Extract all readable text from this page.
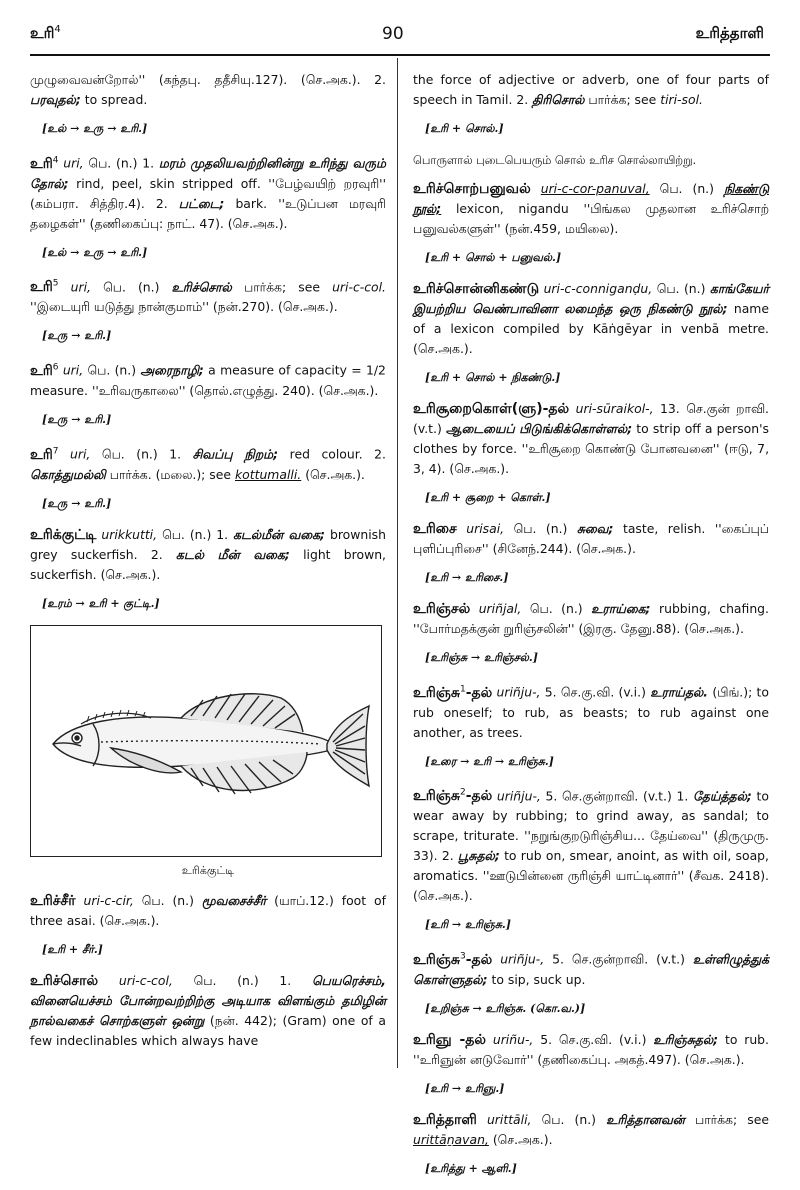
உரி$^4$	90	உரித்தாளி

முழுவைவன்றோல்'' (கந்தபு. ததீசியு.127). (செ.அக.). 2. பரவுதல்; to spread.

[உல் → உரு → உரி.]

உரி$^4$ uri, பெ. (n.) 1. மரம் முதலியவற்றினின்று உரிந்து வரும் தோல்; rind, peel, skin stripped off. ''பேழ்வயிற் றரவுரி'' (கம்பரா. சித்திர.4). 2. பட்டை; bark. ''உடுப்பன மரவுரி தழைகள்'' (தணிகைப்பு: நாட். 47). (செ.அக.).

[உல் → உரு → உரி.]

உரி$^5$ uri, பெ. (n.) உரிச்சொல் பார்க்க; see uri-c-col. ''இடையுரி யடுத்து நான்குமாம்'' (நன்.270). (செ.அக.).

[உரு → உரி.]

உரி$^6$ uri, பெ. (n.) அரைநாழி; a measure of capacity = 1/2 measure. ''உரிவருகாலை'' (தொல்.எழுத்து. 240). (செ.அக.).

[உரு → உரி.]

உரி$^7$ uri, பெ. (n.) 1. சிவப்பு நிறம்; red colour. 2. கொத்துமல்லி பார்க்க. (மலை.); see kottumalli. (செ.அக.).

[உரு → உரி.]

உரிக்குட்டி urikkutti, பெ. (n.) 1. கடல்மீன் வகை; brownish grey suckerfish. 2. கடல் மீன் வகை; light brown, suckerfish. (செ.அக.).

[உரம் → உரி + குட்டி.]
உரிக்குட்டி

உரிச்சீர் uri-c-cir, பெ. (n.) மூவசைச்சீர் (யாப்.12.) foot of three asai. (செ.அக.).

[உரி + சீர்.]

உரிச்சொல் uri-c-col, பெ. (n.) 1. பெயரெச்சம், வினையெச்சம் போன்றவற்றிற்கு அடியாக விளங்கும் தமிழின் நால்வகைச் சொற்களுள் ஒன்று (நன். 442); (Gram) one of a few indeclinables which always have

the force of adjective or adverb, one of four parts of speech in Tamil. 2. திரிசொல் பார்க்க; see tiri-sol.

[உரி + சொல்.]

பொருளால் புடைபெயரும் சொல் உரிச சொல்லாயிற்று.

உரிச்சொற்பனுவல் uri-c-cor-panuval, பெ. (n.) நிகண்டு நூல்; lexicon, nigandu ''பிங்கல முதலான உரிச்சொற் பனுவல்களுள்'' (நன்.459, மயிலை).

[உரி + சொல் + பனுவல்.]

உரிச்சொன்னிகண்டு uri-c-conniganḍu, பெ. (n.) காங்கேயர் இயற்றிய வெண்பாவினா லமைந்த ஒரு நிகண்டு நூல்; name of a lexicon compiled by Kāṅgēyar in venbā metre. (செ.அக.).

[உரி + சொல் + நிகண்டு.]

உரிசூறைகொள்(ளு)-தல் uri-sūraikol-, 13. செ.குன் றாவி. (v.t.) ஆடையைப் பிடுங்கிக்கொள்ளல்; to strip off a person's clothes by force. ''உரிசூறை கொண்டு போனவனை'' (ஈடு, 7, 3, 4). (செ.அக.).

[உரி + சூறை + கொள்.]

உரிசை urisai, பெ. (n.) சுவை; taste, relish. ''கைப்புப் புளிப்புரிசை'' (சினேந்.244). (செ.அக.).

[உரி → உரிசை.]

உரிஞ்சல் uriñjal, பெ. (n.) உராய்கை; rubbing, chafing. ''போர்மதக்குன் றுரிஞ்சலின்'' (இரகு. தேனு.88). (செ.அக.).

[உரிஞ்சு → உரிஞ்சல்.]

உரிஞ்சு$^1$-தல் uriñju-, 5. செ.கு.வி. (v.i.) உராய்தல். (பிங்.); to rub oneself; to rub, as beasts; to rub against one another, as trees.

[உரை → உரி → உரிஞ்சு.]

உரிஞ்சு$^2$-தல் uriñju-, 5. செ.குன்றாவி. (v.t.) 1. தேய்த்தல்; to wear away by rubbing; to grind away, as sandal; to scrape, triturate. ''நறுங்குறடுரிஞ்சிய... தேய்வை'' (திருமுரு. 33). 2. பூசுதல்; to rub on, smear, anoint, as with oil, soap, aromatics. ''ஊடுபின்னை ருரிஞ்சி யாட்டினார்'' (சீவக. 2418). (செ.அக.).

[உரி → உரிஞ்சு.]

உரிஞ்சு$^3$-தல் uriñju-, 5. செ.குன்றாவி. (v.t.) உள்ளிழுத்துக் கொள்ளுதல்; to sip, suck up.

[உறிஞ்சு → உரிஞ்சு. (கொ.வ.)]

உரிஞு -தல் uriñu-, 5. செ.கு.வி. (v.i.) உரிஞ்சுதல்; to rub. ''உரிஞுன் னடுவோர்'' (தணிகைப்பு. அகத்.497). (செ.அக.).

[உரி → உரிஞு.]

உரித்தாளி urittāli, பெ. (n.) உரித்தானவன் பார்க்க; see urittāṉavan, (செ.அக.).

[உரித்து + ஆளி.]
